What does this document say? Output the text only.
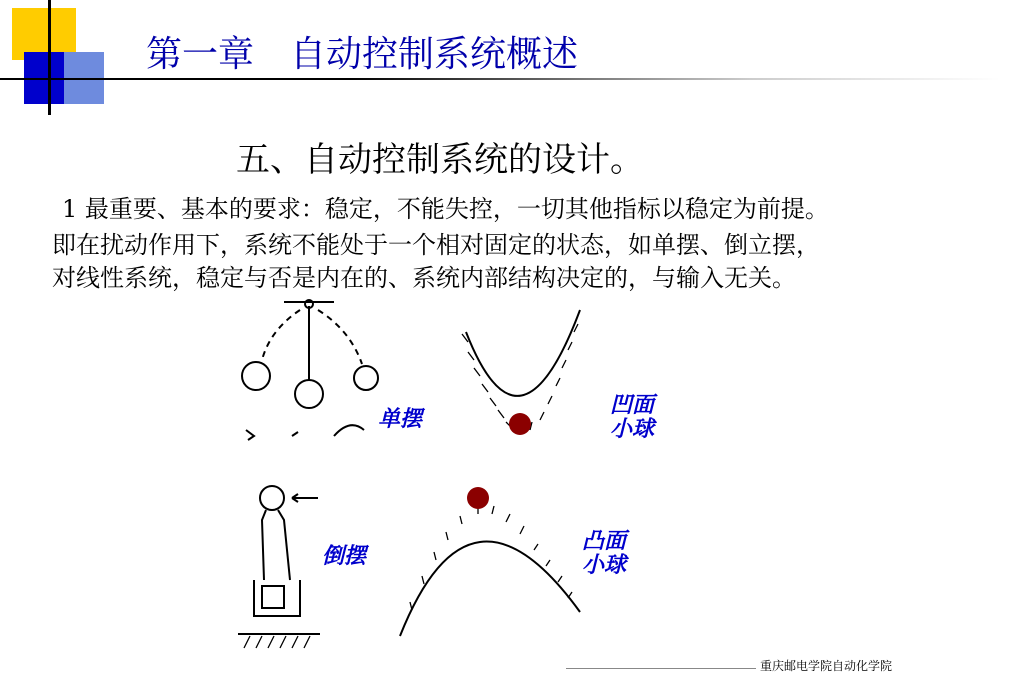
第一章　自动控制系统概述
五、自动控制系统的设计。
1 最重要、基本的要求：稳定，不能失控，一切其他指标以稳定为前提。
即在扰动作用下，系统不能处于一个相对固定的状态，如单摆、倒立摆，
对线性系统，稳定与否是内在的、系统内部结构决定的，与输入无关。
单摆
凹面小球
倒摆
凸面小球
重庆邮电学院自动化学院
